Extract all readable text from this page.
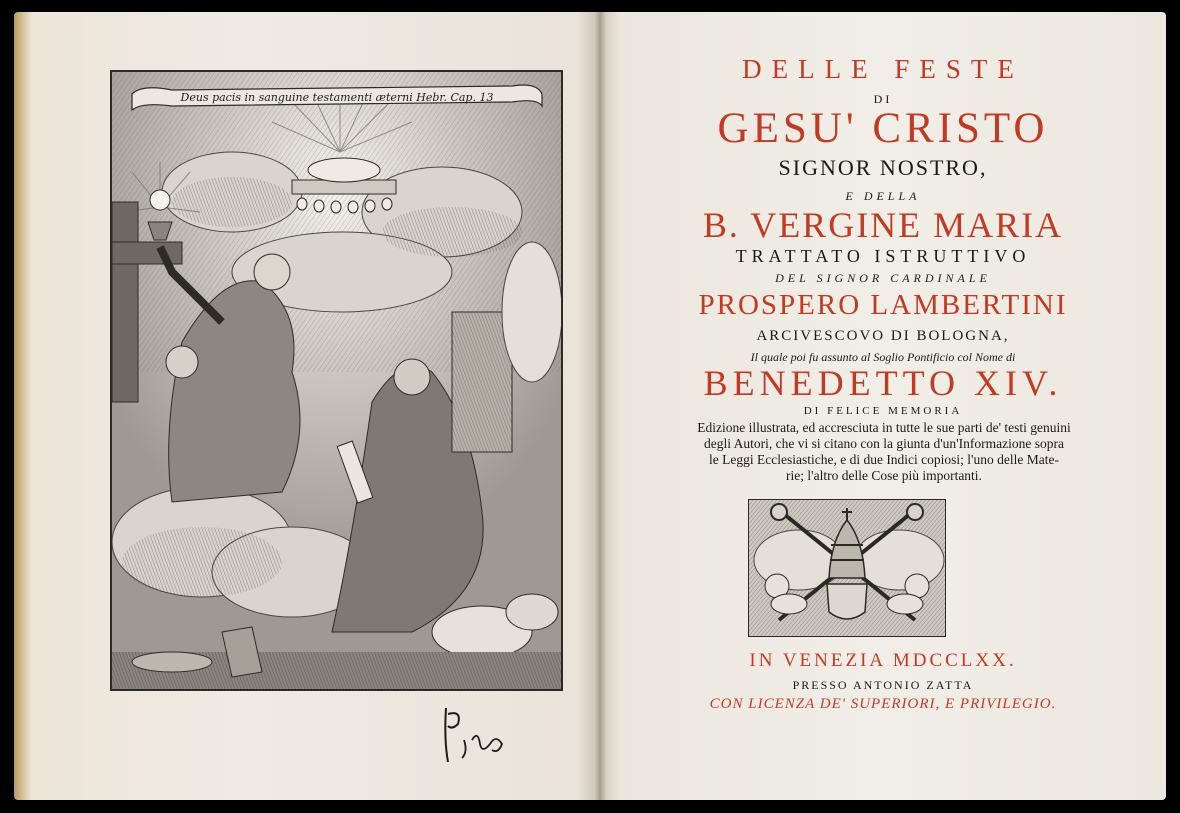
Deus pacis in sanguine testamenti æterni Hebr. Cap. 13
DELLE FESTE
DI
GESU' CRISTO
SIGNOR NOSTRO,
E DELLA
B. VERGINE MARIA
TRATTATO ISTRUTTIVO
DEL SIGNOR CARDINALE
PROSPERO LAMBERTINI
ARCIVESCOVO DI BOLOGNA,
Il quale poi fu assunto al Soglio Pontificio col Nome di
BENEDETTO XIV.
DI FELICE MEMORIA
Edizione illustrata, ed accresciuta in tutte le sue parti de' testi genuini
degli Autori, che vi si citano con la giunta d'un'Informazione sopra
le Leggi Ecclesiastiche, e di due Indici copiosi; l'uno delle Mate-
rie; l'altro delle Cose più importanti.
IN VENEZIA MDCCLXX.
PRESSO ANTONIO ZATTA
CON LICENZA DE' SUPERIORI, E PRIVILEGIO.
